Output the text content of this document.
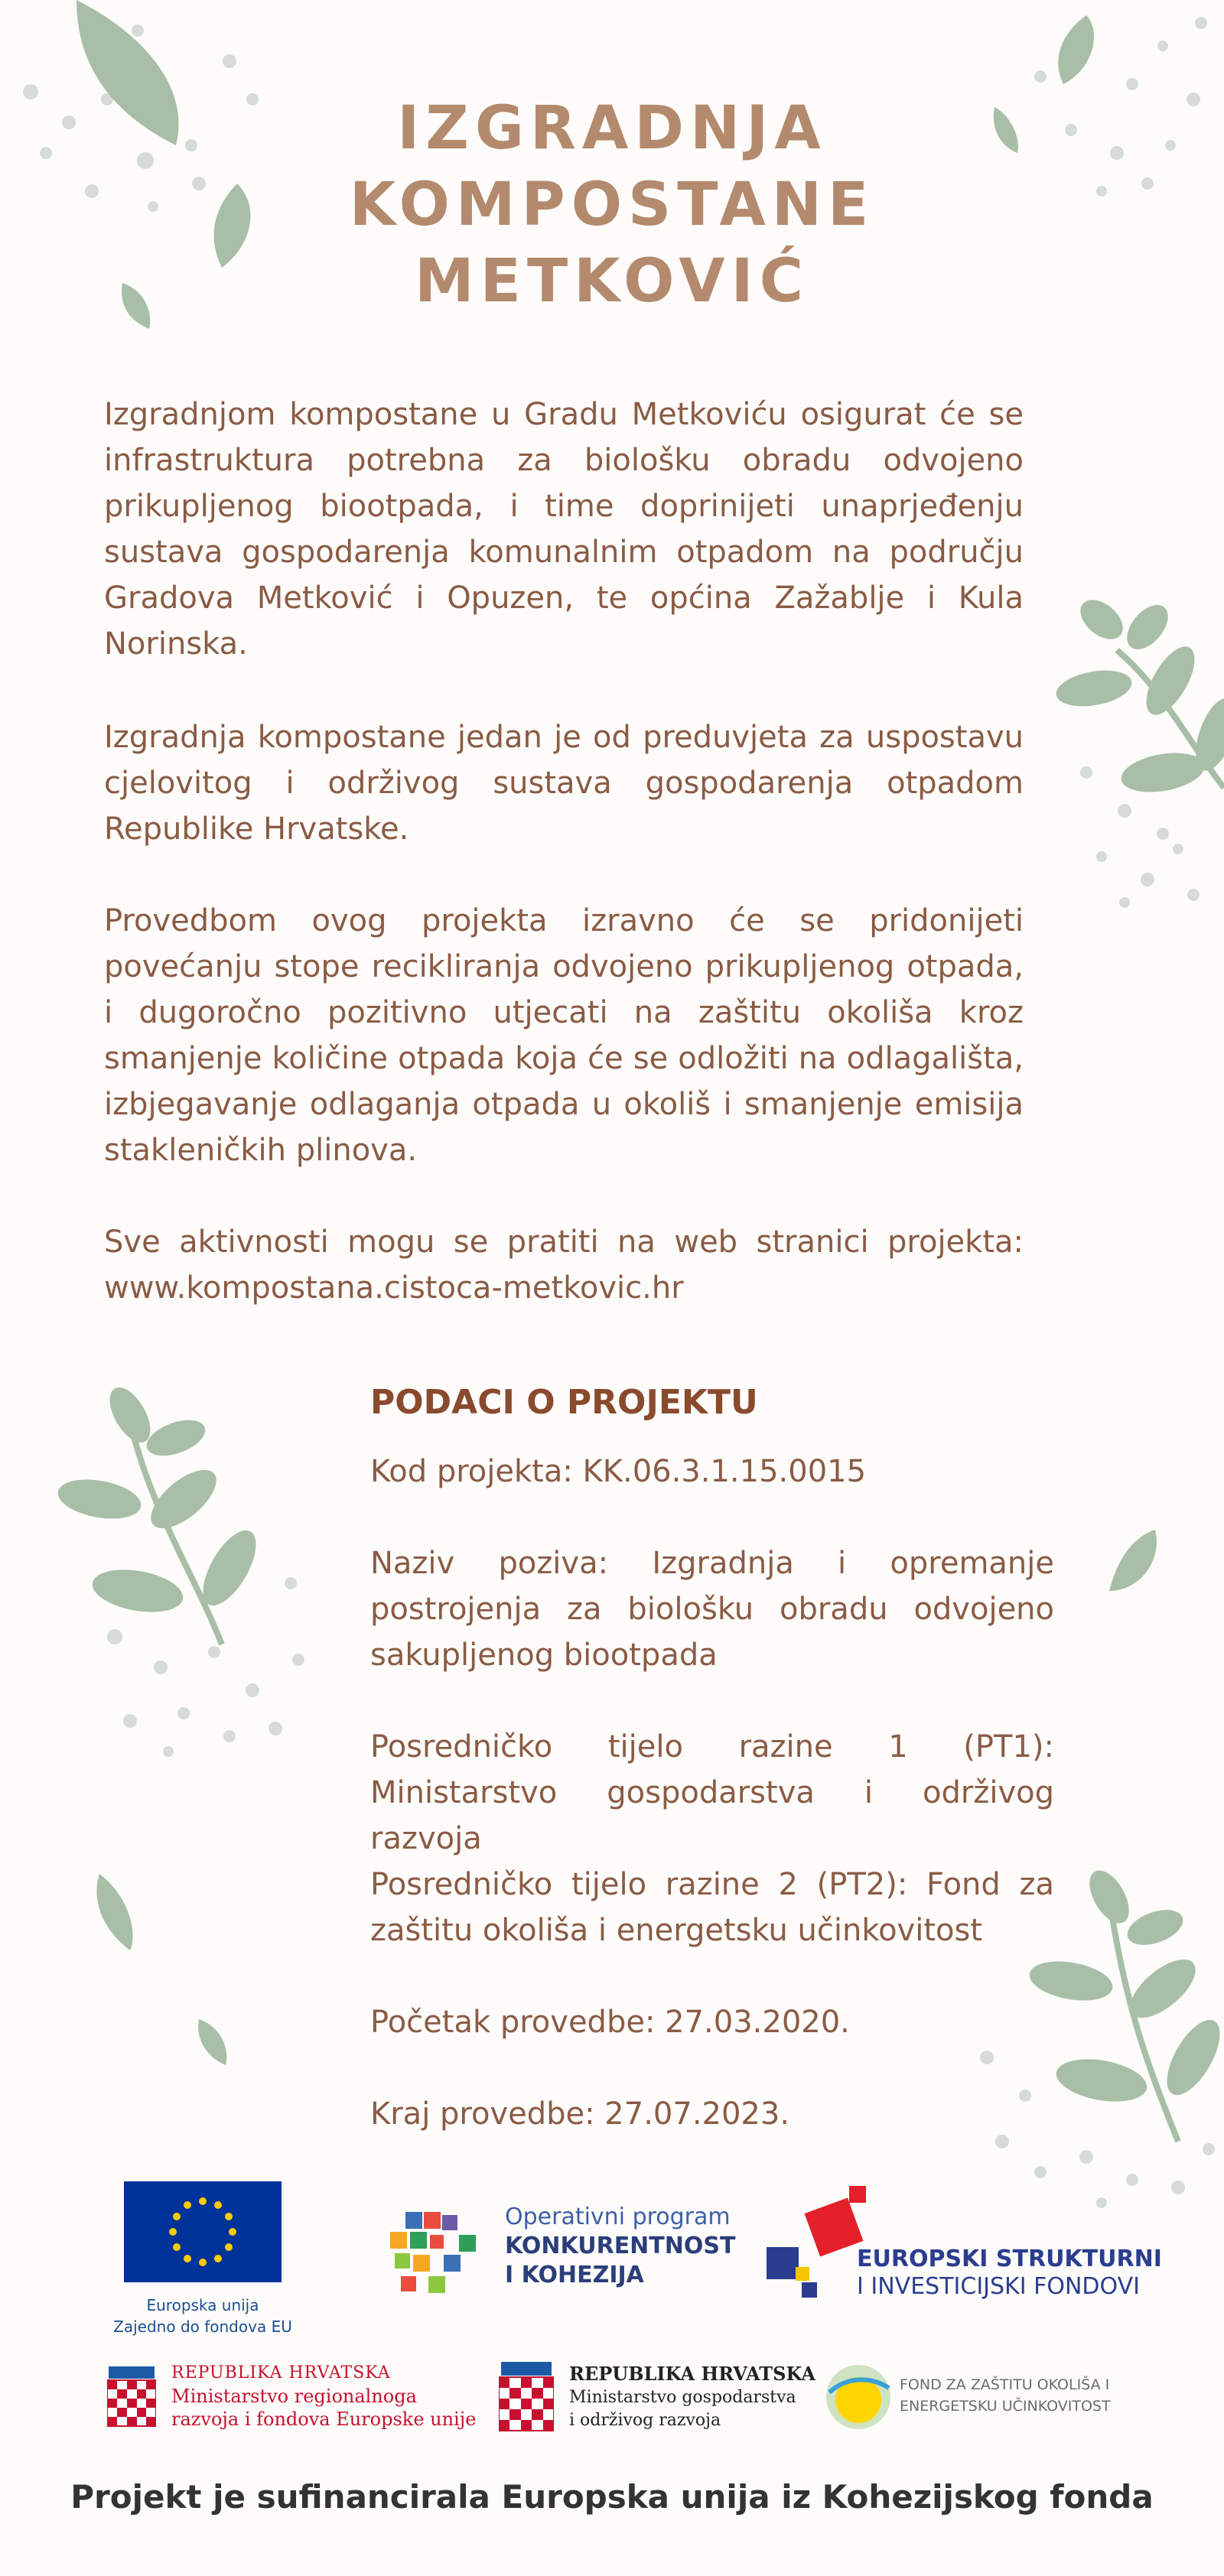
IZGRADNJA
KOMPOSTANE
METKOVIĆ

Izgradnjom kompostane u Gradu Metkoviću osigurat će se infrastruktura potrebna za biološku obradu odvojeno prikupljenog biootpada, i time doprinijeti unaprjeđenju sustava gospodarenja komunalnim otpadom na području Gradova Metković i Opuzen, te općina Zažablje i Kula Norinska.

Izgradnja kompostane jedan je od preduvjeta za uspostavu cjelovitog i održivog sustava gospodarenja otpadom Republike Hrvatske.

Provedbom ovog projekta izravno će se pridonijeti povećanju stope recikliranja odvojeno prikupljenog otpada, i dugoročno pozitivno utjecati na zaštitu okoliša kroz smanjenje količine otpada koja će se odložiti na odlagališta, izbjegavanje odlaganja otpada u okoliš i smanjenje emisija stakleničkih plinova.

Sve aktivnosti mogu se pratiti na web stranici projekta: www.kompostana.cistoca-metkovic.hr

PODACI O PROJEKTU

Kod projekta: KK.06.3.1.15.0015

Naziv poziva: Izgradnja i opremanje postrojenja za biološku obradu odvojeno sakupljenog biootpada

Posredničko tijelo razine 1 (PT1): Ministarstvo gospodarstva i održivog razvoja

Posredničko tijelo razine 2 (PT2): Fond za zaštitu okoliša i energetsku učinkovitost

Početak provedbe: 27.03.2020.

Kraj provedbe: 27.07.2023.

Europska unija
Zajedno do fondova EU
Operativni program
KONKURENTNOST
I KOHEZIJA
EUROPSKI STRUKTURNI
I INVESTICIJSKI FONDOVI
REPUBLIKA HRVATSKA
Ministarstvo regionalnoga
razvoja i fondova Europske unije
REPUBLIKA HRVATSKA
Ministarstvo gospodarstva
i održivog razvoja
FOND ZA ZAŠTITU OKOLIŠA I
ENERGETSKU UČINKOVITOST
Projekt je sufinancirala Europska unija iz Kohezijskog fonda
